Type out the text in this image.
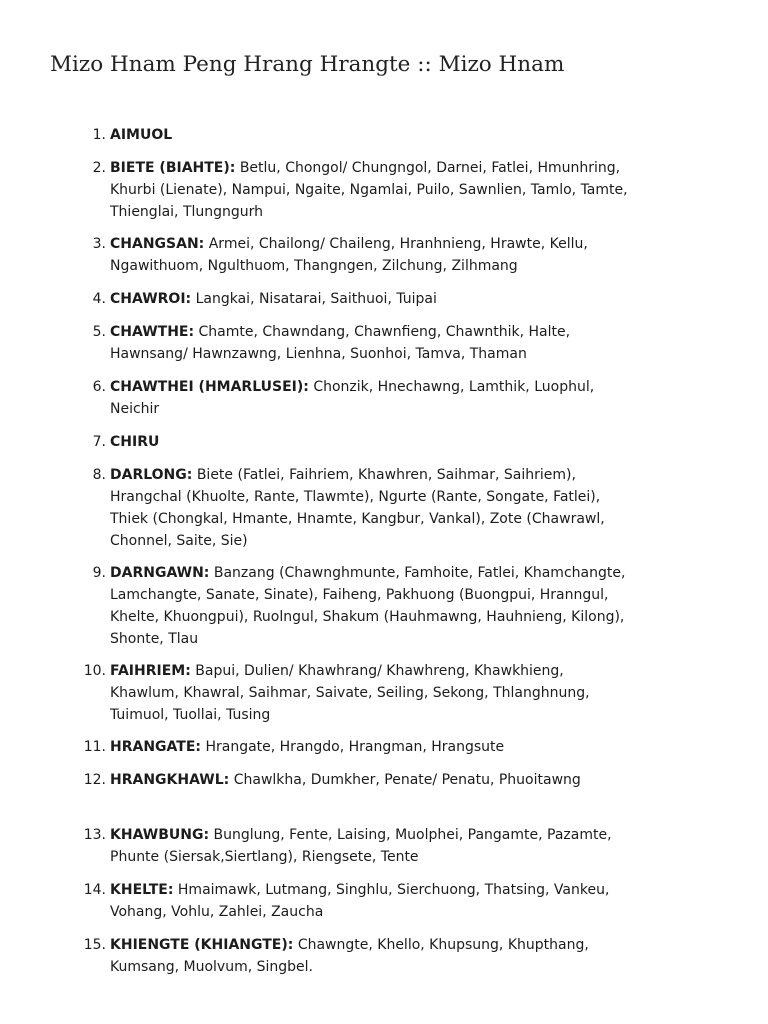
Mizo Hnam Peng Hrang Hrangte :: Mizo Hnam
1. AIMUOL
2. BIETE (BIAHTE): Betlu, Chongol/ Chungngol, Darnei, Fatlei, Hmunhring, Khurbi (Lienate), Nampui, Ngaite, Ngamlai, Puilo, Sawnlien, Tamlo, Tamte, Thienglai, Tlungngurh
3. CHANGSAN: Armei, Chailong/ Chaileng, Hranhnieng, Hrawte, Kellu, Ngawithuom, Ngulthuom, Thangngen, Zilchung, Zilhmang
4. CHAWROI: Langkai, Nisatarai, Saithuoi, Tuipai
5. CHAWTHE: Chamte, Chawndang, Chawnfieng, Chawnthik, Halte, Hawnsang/ Hawnzawng, Lienhna, Suonhoi, Tamva, Thaman
6. CHAWTHEI (HMARLUSEI): Chonzik, Hnechawng, Lamthik, Luophul, Neichir
7. CHIRU
8. DARLONG: Biete (Fatlei, Faihriem, Khawhren, Saihmar, Saihriem), Hrangchal (Khuolte, Rante, Tlawmte), Ngurte (Rante, Songate, Fatlei), Thiek (Chongkal, Hmante, Hnamte, Kangbur, Vankal), Zote (Chawrawl, Chonnel, Saite, Sie)
9. DARNGAWN: Banzang (Chawnghmunte, Famhoite, Fatlei, Khamchangte, Lamchangte, Sanate, Sinate), Faiheng, Pakhuong (Buongpui, Hranngul, Khelte, Khuongpui), Ruolngul, Shakum (Hauhmawng, Hauhnieng, Kilong), Shonte, Tlau
10. FAIHRIEM: Bapui, Dulien/ Khawhrang/ Khawhreng, Khawkhieng, Khawlum, Khawral, Saihmar, Saivate, Seiling, Sekong, Thlanghnung, Tuimuol, Tuollai, Tusing
11. HRANGATE: Hrangate, Hrangdo, Hrangman, Hrangsute
12. HRANGKHAWL: Chawlkha, Dumkher, Penate/ Penatu, Phuoitawng
13. KHAWBUNG: Bunglung, Fente, Laising, Muolphei, Pangamte, Pazamte, Phunte (Siersak,Siertlang), Riengsete, Tente
14. KHELTE: Hmaimawk, Lutmang, Singhlu, Sierchuong, Thatsing, Vankeu, Vohang, Vohlu, Zahlei, Zaucha
15. KHIENGTE (KHIANGTE): Chawngte, Khello, Khupsung, Khupthang, Kumsang, Muolvum, Singbel.
